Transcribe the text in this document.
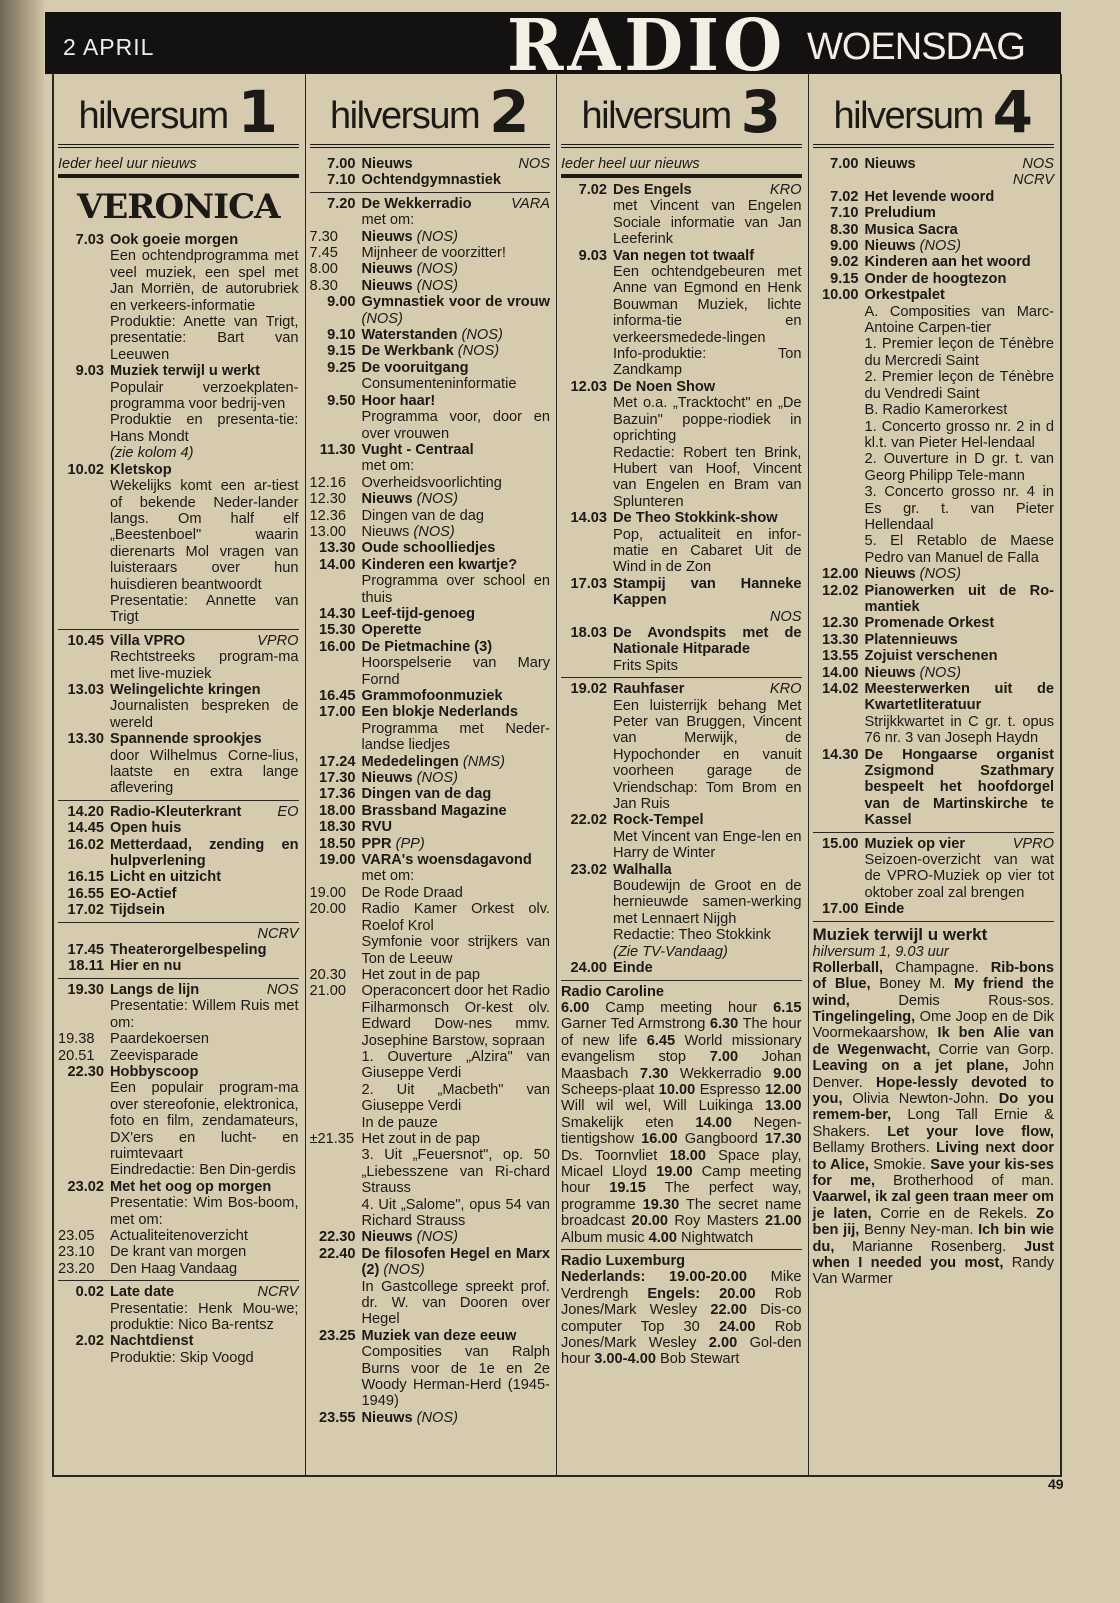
2 APRIL	RADIO WOENSDAG
hilversum 1
Ieder heel uur nieuws
VERONICA
7.03 Ook goeie morgen
Een ochtendprogramma met veel muziek, een spel met Jan Morriën, de autorubriek en verkeers-informatie
Produktie: Anette van Trigt, presentatie: Bart van Leeuwen
9.03 Muziek terwijl u werkt
Populair verzoekplaten-programma voor bedrij-ven
Produktie en presenta-tie: Hans Mondt
(zie kolom 4)
10.02 Kletskop
Wekelijks komt een ar-tiest of bekende Neder-lander langs. Om half elf „Beestenboel" waarin dierenarts Mol vragen van luisteraars over hun huisdieren beantwoordt
Presentatie: Annette van Trigt
10.45	VPRO
Villa VPRO
Rechtstreeks program-ma met live-muziek
13.03 Welingelichte kringen
Journalisten bespreken de wereld
13.30 Spannende sprookjes
door Wilhelmus Corne-lius, laatste en extra lange aflevering
14.20	EO
Radio-Kleuterkrant
14.45 Open huis
16.02 Metterdaad, zending en hulpverlening
16.15 Licht en uitzicht
16.55 EO-Actief
17.02 Tijdsein
NCRV
17.45 Theaterorgelbespeling
18.11 Hier en nu
19.30	NOS
Langs de lijn
Presentatie: Willem Ruis met om:
19.38	Paardekoersen
20.51	Zeevisparade
22.30 Hobbyscoop
Een populair program-ma over stereofonie, elektronica, foto en film, zendamateurs, DX'ers en lucht- en ruimtevaart
Eindredactie: Ben Din-gerdis
23.02 Met het oog op morgen
Presentatie: Wim Bos-boom, met om:
23.05	Actualiteitenoverzicht
23.10	De krant van morgen
23.20	Den Haag Vandaag
0.02	NCRV
Late date
Presentatie: Henk Mou-we; produktie: Nico Ba-rentsz
2.02 Nachtdienst
Produktie: Skip Voogd
hilversum 2
7.00	NOS
Nieuws
7.10 Ochtendgymnastiek
7.20	VARA
De Wekkerradio
met om:
7.30	Nieuws (NOS)
7.45	Mijnheer de voorzitter!
8.00	Nieuws (NOS)
8.30	Nieuws (NOS)
9.00 Gymnastiek voor de vrouw (NOS)
9.10 Waterstanden (NOS)
9.15 De Werkbank (NOS)
9.25 De vooruitgang
Consumenteninformatie
9.50 Hoor haar!
Programma voor, door en over vrouwen
11.30 Vught - Centraal
met om:
12.16	Overheidsvoorlichting
12.30	Nieuws (NOS)
12.36	Dingen van de dag
13.00	Nieuws (NOS)
13.30 Oude schoolliedjes
14.00 Kinderen een kwartje?
Programma over school en thuis
14.30 Leef-tijd-genoeg
15.30 Operette
16.00 De Pietmachine (3)
Hoorspelserie van Mary Fornd
16.45 Grammofoonmuziek
17.00 Een blokje Nederlands
Programma met Neder-landse liedjes
17.24 Mededelingen (NMS)
17.30 Nieuws (NOS)
17.36 Dingen van de dag
18.00 Brassband Magazine
18.30 RVU
18.50 PPR (PP)
19.00 VARA's woensdagavond
met om:
19.00	De Rode Draad
20.00	Radio Kamer Orkest olv. Roelof Krol
Symfonie voor strijkers van Ton de Leeuw
20.30	Het zout in de pap
21.00	Operaconcert door het Radio Filharmonsch Or-kest olv. Edward Dow-nes mmv. Josephine Barstow, sopraan
1. Ouverture „Alzira" van Giuseppe Verdi
2. Uit „Macbeth" van Giuseppe Verdi
In de pauze
±21.35 Het zout in de pap
3. Uit „Feuersnot", op. 50 „Liebesszene van Ri-chard Strauss
4. Uit „Salome", opus 54 van Richard Strauss
22.30 Nieuws (NOS)
22.40 De filosofen Hegel en Marx (2) (NOS)
In Gastcollege spreekt prof. dr. W. van Dooren over Hegel
23.25 Muziek van deze eeuw
Composities van Ralph Burns voor de 1e en 2e Woody Herman-Herd (1945-1949)
23.55 Nieuws (NOS)
hilversum 3
Ieder heel uur nieuws
7.02	KRO
Des Engels
met Vincent van Engelen Sociale informatie van Jan Leeferink
9.03 Van negen tot twaalf
Een ochtendgebeuren met Anne van Egmond en Henk Bouwman Muziek, lichte informa-tie en verkeersmedede-lingen
Info-produktie: Ton Zandkamp
12.03 De Noen Show
Met o.a. „Tracktocht" en „De Bazuin" poppe-riodiek in oprichting
Redactie: Robert ten Brink, Hubert van Hoof, Vincent van Engelen en Bram van Splunteren
14.03 De Theo Stokkink-show
Pop, actualiteit en infor-matie en Cabaret Uit de Wind in de Zon
17.03 Stampij van Hanneke Kappen
NOS
18.03 De Avondspits met de Nationale Hitparade
Frits Spits
19.02	KRO
Rauhfaser
Een luisterrijk behang Met Peter van Bruggen, Vincent van Merwijk, de Hypochonder en vanuit voorheen garage de Vriendschap: Tom Brom en Jan Ruis
22.02 Rock-Tempel
Met Vincent van Enge-len en Harry de Winter
23.02 Walhalla
Boudewijn de Groot en de hernieuwde samen-werking met Lennaert Nijgh
Redactie: Theo Stokkink
(Zie TV-Vandaag)
24.00 Einde
Radio Caroline
6.00 Camp meeting hour 6.15 Garner Ted Armstrong 6.30 The hour of new life 6.45 World missionary evangelism stop 7.00 Johan Maasbach 7.30 Wekkerradio 9.00 Scheeps-plaat 10.00 Espresso 12.00 Will wil wel, Will Luikinga 13.00 Smakelijk eten 14.00 Negen-tientigshow 16.00 Gangboord 17.30 Ds. Toornvliet 18.00 Space play, Micael Lloyd 19.00 Camp meeting hour 19.15 The perfect way, programme 19.30 The secret name broadcast 20.00 Roy Masters 21.00 Album music 4.00 Nightwatch
Radio Luxemburg
Nederlands: 19.00-20.00 Mike Verdrengh Engels: 20.00 Rob Jones/Mark Wesley 22.00 Dis-co computer Top 30 24.00 Rob Jones/Mark Wesley 2.00 Gol-den hour 3.00-4.00 Bob Stewart
hilversum 4
7.00	NOS
Nieuws
NCRV
7.02 Het levende woord
7.10 Preludium
8.30 Musica Sacra
9.00 Nieuws (NOS)
9.02 Kinderen aan het woord
9.15 Onder de hoogtezon
10.00 Orkestpalet
A. Composities van Marc-Antoine Carpen-tier
1. Premier leçon de Ténèbre du Mercredi Saint
2. Premier leçon de Ténèbre du Vendredi Saint
B. Radio Kamerorkest
1. Concerto grosso nr. 2 in d kl.t. van Pieter Hel-lendaal
2. Ouverture in D gr. t. van Georg Philipp Tele-mann
3. Concerto grosso nr. 4 in Es gr. t. van Pieter Hellendaal
5. El Retablo de Maese Pedro van Manuel de Falla
12.00 Nieuws (NOS)
12.02 Pianowerken uit de Ro-mantiek
12.30 Promenade Orkest
13.30 Platennieuws
13.55 Zojuist verschenen
14.00 Nieuws (NOS)
14.02 Meesterwerken uit de Kwartetliteratuur
Strijkkwartet in C gr. t. opus 76 nr. 3 van Joseph Haydn
14.30 De Hongaarse organist Zsigmond Szathmary bespeelt het hoofdorgel van de Martinskirche te Kassel
15.00	VPRO
Muziek op vier
Seizoen-overzicht van wat de VPRO-Muziek op vier tot oktober zoal zal brengen
17.00 Einde
Muziek terwijl u werkt
hilversum 1, 9.03 uur
Rollerball, Champagne. Rib-bons of Blue, Boney M. My friend the wind, Demis Rous-sos. Tingelingeling, Ome Joop en de Dik Voormekaarshow, Ik ben Alie van de Wegenwacht, Corrie van Gorp. Leaving on a jet plane, John Denver. Hope-lessly devoted to you, Olivia Newton-John. Do you remem-ber, Long Tall Ernie & Shakers. Let your love flow, Bellamy Brothers. Living next door to Alice, Smokie. Save your kis-ses for me, Brotherhood of man. Vaarwel, ik zal geen traan meer om je laten, Corrie en de Rekels. Zo ben jij, Benny Ney-man. Ich bin wie du, Marianne Rosenberg. Just when I needed you most, Randy Van Warmer
49
